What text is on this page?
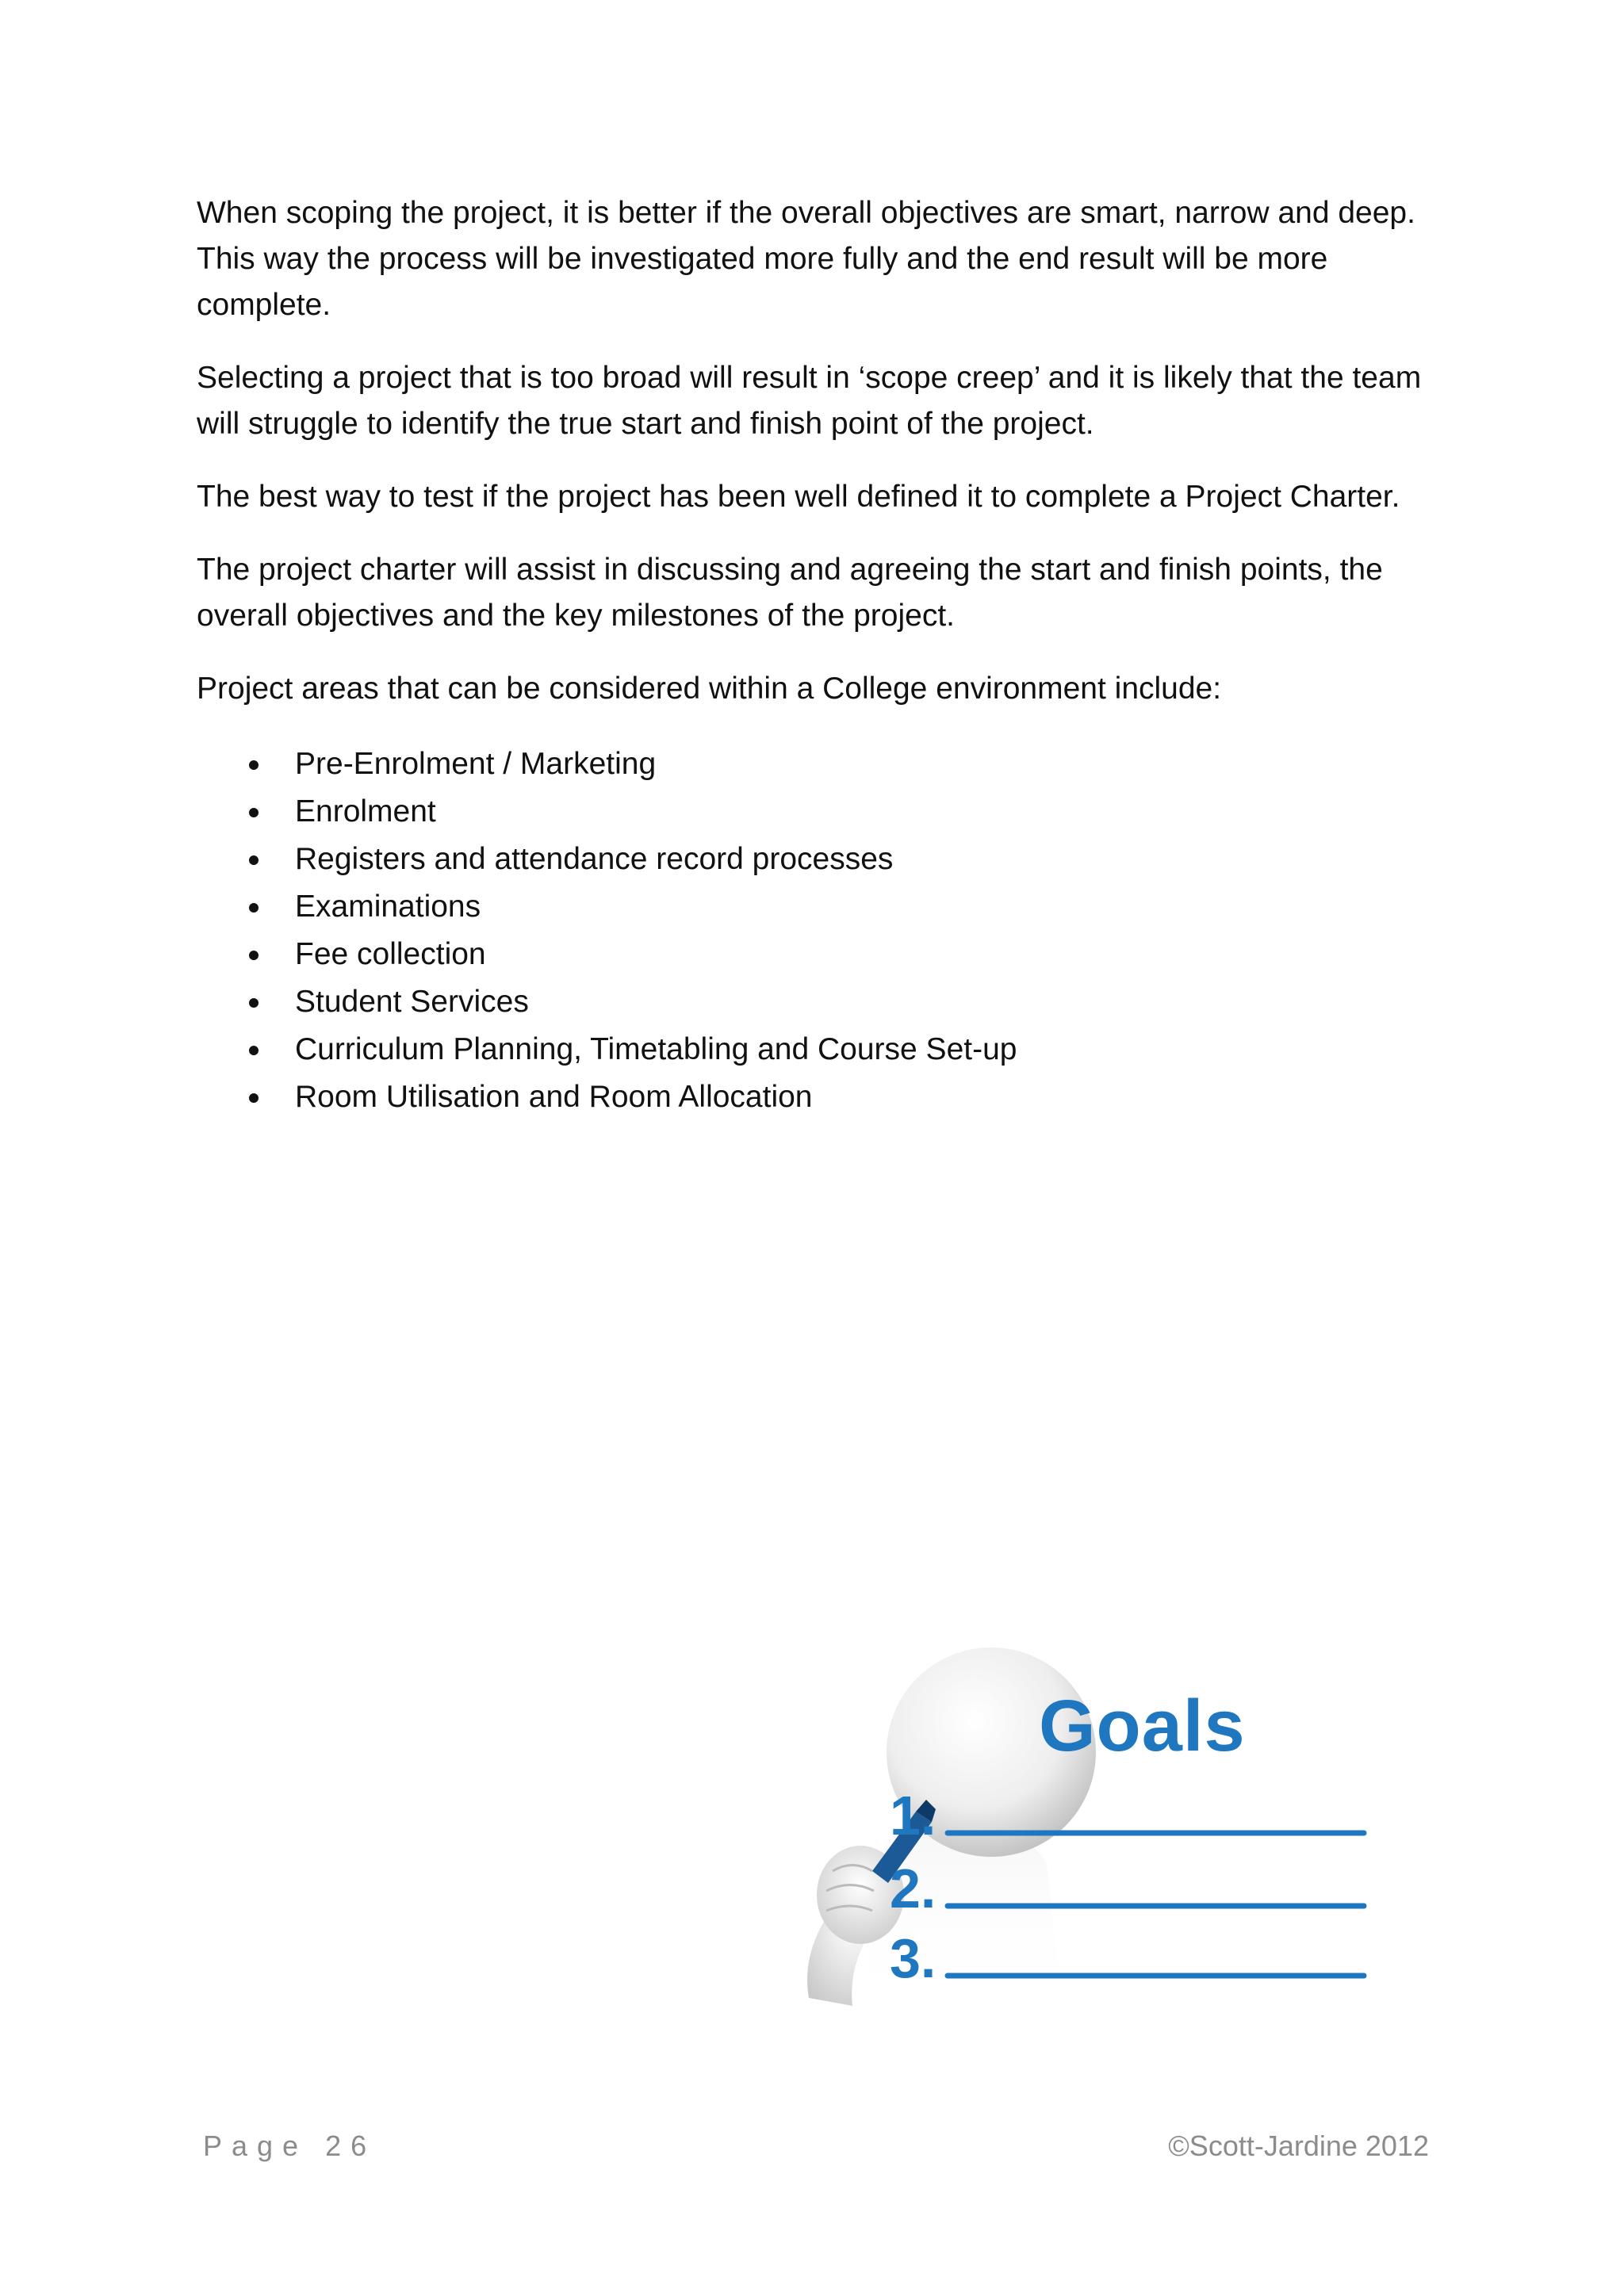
When scoping the project, it is better if the overall objectives are smart, narrow and deep. This way the process will be investigated more fully and the end result will be more complete.

Selecting a project that is too broad will result in ‘scope creep’ and it is likely that the team will struggle to identify the true start and finish point of the project.

The best way to test if the project has been well defined it to complete a Project Charter.

The project charter will assist in discussing and agreeing the start and finish points, the overall objectives and the key milestones of the project.

Project areas that can be considered within a College environment include:

Pre-Enrolment / Marketing
Enrolment
Registers and attendance record processes
Examinations
Fee collection
Student Services
Curriculum Planning, Timetabling and Course Set-up
Room Utilisation and Room Allocation
Goals
1.
2.
3.
Page 26	©Scott-Jardine 2012
